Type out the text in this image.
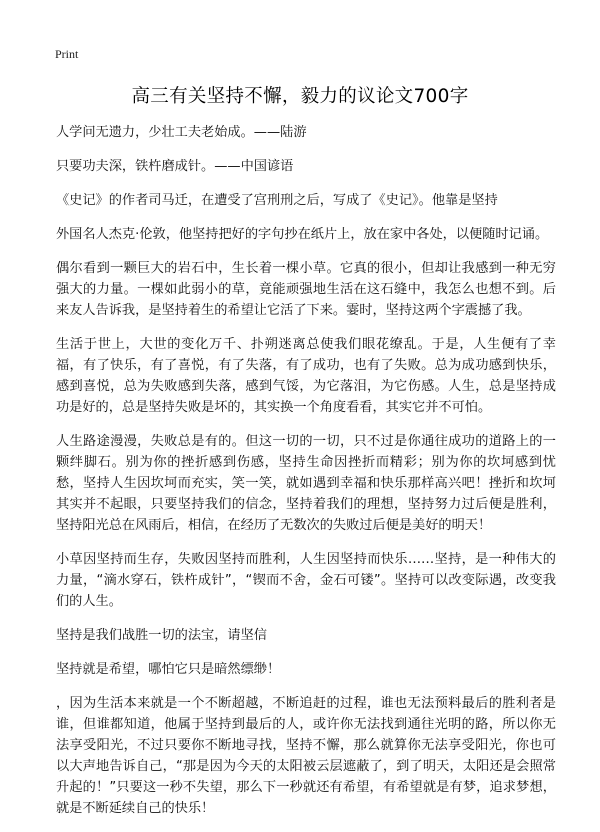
Print
高三有关坚持不懈，毅力的议论文700字

人学问无遗力，少壮工夫老始成。——陆游

只要功夫深，铁杵磨成针。——中国谚语

《史记》的作者司马迁，在遭受了宫刑刑之后，写成了《史记》。他靠是坚持

外国名人杰克·伦敦，他坚持把好的字句抄在纸片上，放在家中各处，以便随时记诵。

偶尔看到一颗巨大的岩石中，生长着一棵小草。它真的很小，但却让我感到一种无穷强大的力量。一棵如此弱小的草，竟能顽强地生活在这石缝中，我怎么也想不到。后来友人告诉我，是坚持着生的希望让它活了下来。霎时，坚持这两个字震撼了我。

生活于世上，大世的变化万千、扑朔迷离总使我们眼花缭乱。于是，人生便有了幸福，有了快乐，有了喜悦，有了失落，有了成功，也有了失败。总为成功感到快乐，感到喜悦，总为失败感到失落，感到气馁，为它落泪，为它伤感。人生，总是坚持成功是好的，总是坚持失败是坏的，其实换一个角度看看，其实它并不可怕。

人生路途漫漫，失败总是有的。但这一切的一切，只不过是你通往成功的道路上的一颗绊脚石。别为你的挫折感到伤感，坚持生命因挫折而精彩；别为你的坎坷感到忧愁，坚持人生因坎坷而充实，笑一笑，就如遇到幸福和快乐那样高兴吧！挫折和坎坷其实并不起眼，只要坚持我们的信念，坚持着我们的理想，坚持努力过后便是胜利，坚持阳光总在风雨后，相信，在经历了无数次的失败过后便是美好的明天！

小草因坚持而生存，失败因坚持而胜利，人生因坚持而快乐……坚持，是一种伟大的力量，“滴水穿石，铁杵成针”，“锲而不舍，金石可镂”。坚持可以改变际遇，改变我们的人生。

坚持是我们战胜一切的法宝，请坚信

坚持就是希望，哪怕它只是暗然缥缈！

，因为生活本来就是一个不断超越，不断追赶的过程，谁也无法预料最后的胜利者是谁，但谁都知道，他属于坚持到最后的人，或许你无法找到通往光明的路，所以你无法享受阳光，不过只要你不断地寻找，坚持不懈，那么就算你无法享受阳光，你也可以大声地告诉自己，“那是因为今天的太阳被云层遮蔽了，到了明天，太阳还是会照常升起的！”只要这一秒不失望，那么下一秒就还有希望，有希望就是有梦，追求梦想，就是不断延续自己的快乐！
